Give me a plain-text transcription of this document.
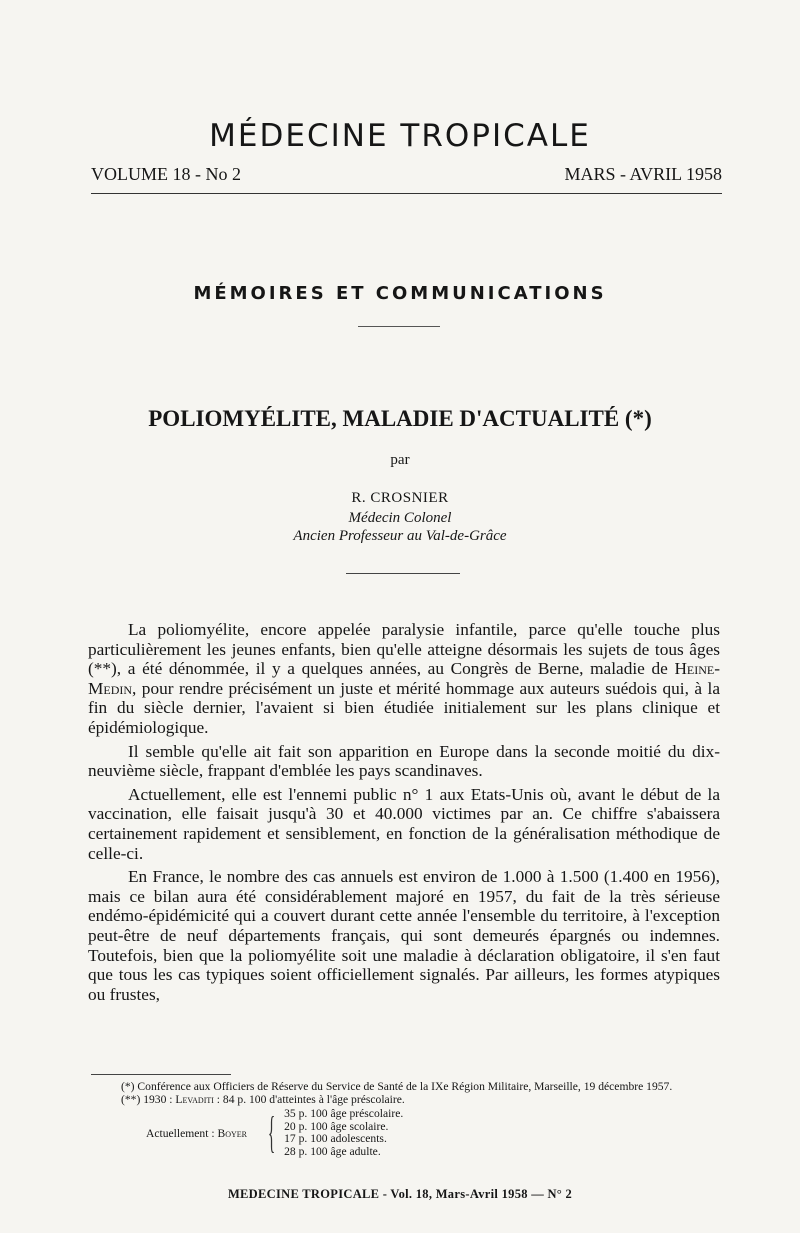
MÉDECINE TROPICALE
VOLUME 18 - No 2	MARS - AVRIL 1958
MÉMOIRES ET COMMUNICATIONS
POLIOMYÉLITE, MALADIE D'ACTUALITÉ (*)
par
R. CROSNIER
Médecin Colonel
Ancien Professeur au Val-de-Grâce

La poliomyélite, encore appelée paralysie infantile, parce qu'elle touche plus particulièrement les jeunes enfants, bien qu'elle atteigne désormais les sujets de tous âges (**), a été dénommée, il y a quelques années, au Congrès de Berne, maladie de Heine-Medin, pour rendre précisément un juste et mérité hommage aux auteurs suédois qui, à la fin du siècle dernier, l'avaient si bien étudiée initialement sur les plans clinique et épidémiologique.

Il semble qu'elle ait fait son apparition en Europe dans la seconde moitié du dix-neuvième siècle, frappant d'emblée les pays scandinaves.

Actuellement, elle est l'ennemi public n° 1 aux Etats-Unis où, avant le début de la vaccination, elle faisait jusqu'à 30 et 40.000 victimes par an. Ce chiffre s'abaissera certainement rapidement et sensiblement, en fonction de la généralisation méthodique de celle-ci.

En France, le nombre des cas annuels est environ de 1.000 à 1.500 (1.400 en 1956), mais ce bilan aura été considérablement majoré en 1957, du fait de la très sérieuse endémo-épidémicité qui a couvert durant cette année l'ensemble du territoire, à l'exception peut-être de neuf départements français, qui sont demeurés épargnés ou indemnes. Toutefois, bien que la poliomyélite soit une maladie à déclaration obligatoire, il s'en faut que tous les cas typiques soient officiellement signalés. Par ailleurs, les formes atypiques ou frustes,

(*) Conférence aux Officiers de Réserve du Service de Santé de la IXe Région Militaire, Marseille, 19 décembre 1957.
(**) 1930 : Levaditi : 84 p. 100 d'atteintes à l'âge préscolaire.
Actuellement : Boyer { 35 p. 100 âge préscolaire.
20 p. 100 âge scolaire.
17 p. 100 adolescents.
28 p. 100 âge adulte.
MEDECINE TROPICALE - Vol. 18, Mars-Avril 1958 — N° 2
